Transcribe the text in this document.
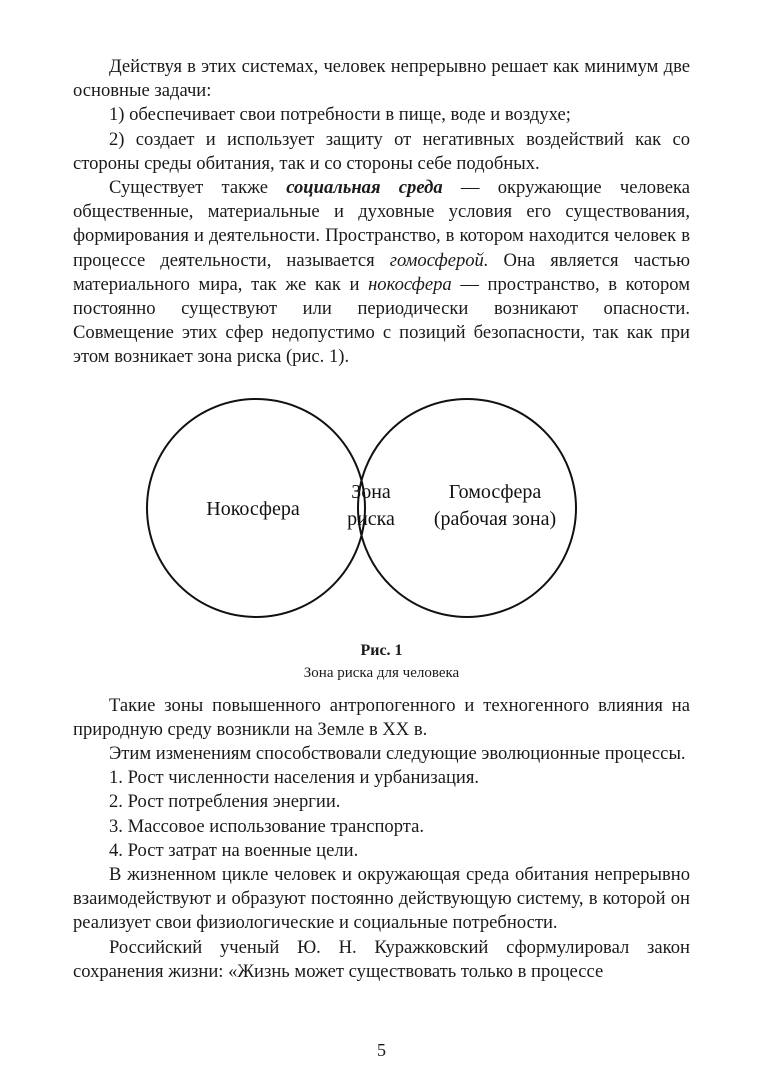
Действуя в этих системах, человек непрерывно решает как минимум две основные задачи:

1) обеспечивает свои потребности в пище, воде и воздухе;

2) создает и использует защиту от негативных воздействий как со стороны среды обитания, так и со стороны себе подобных.

Существует также социальная среда — окружающие человека общественные, материальные и духовные условия его существования, формирования и деятельности. Пространство, в котором находится человек в процессе деятельности, называется гомосферой. Она является частью материального мира, так же как и нокосфера — пространство, в котором постоянно существуют или периодически возникают опасности. Совмещение этих сфер недопустимо с позиций безопасности, так как при этом возникает зона риска (рис. 1).

Нокосфера
Зона
риска
Гомосфера
(рабочая зона)
Рис. 1
Зона риска для человека

Такие зоны повышенного антропогенного и техногенного влияния на природную среду возникли на Земле в XX в.

Этим изменениям способствовали следующие эволюционные процессы.

1. Рост численности населения и урбанизация.

2. Рост потребления энергии.

3. Массовое использование транспорта.

4. Рост затрат на военные цели.

В жизненном цикле человек и окружающая среда обитания непрерывно взаимодействуют и образуют постоянно действующую систему, в которой он реализует свои физиологические и социальные потребности.

Российский ученый Ю. Н. Куражковский сформулировал закон сохранения жизни: «Жизнь может существовать только в процессе

5
